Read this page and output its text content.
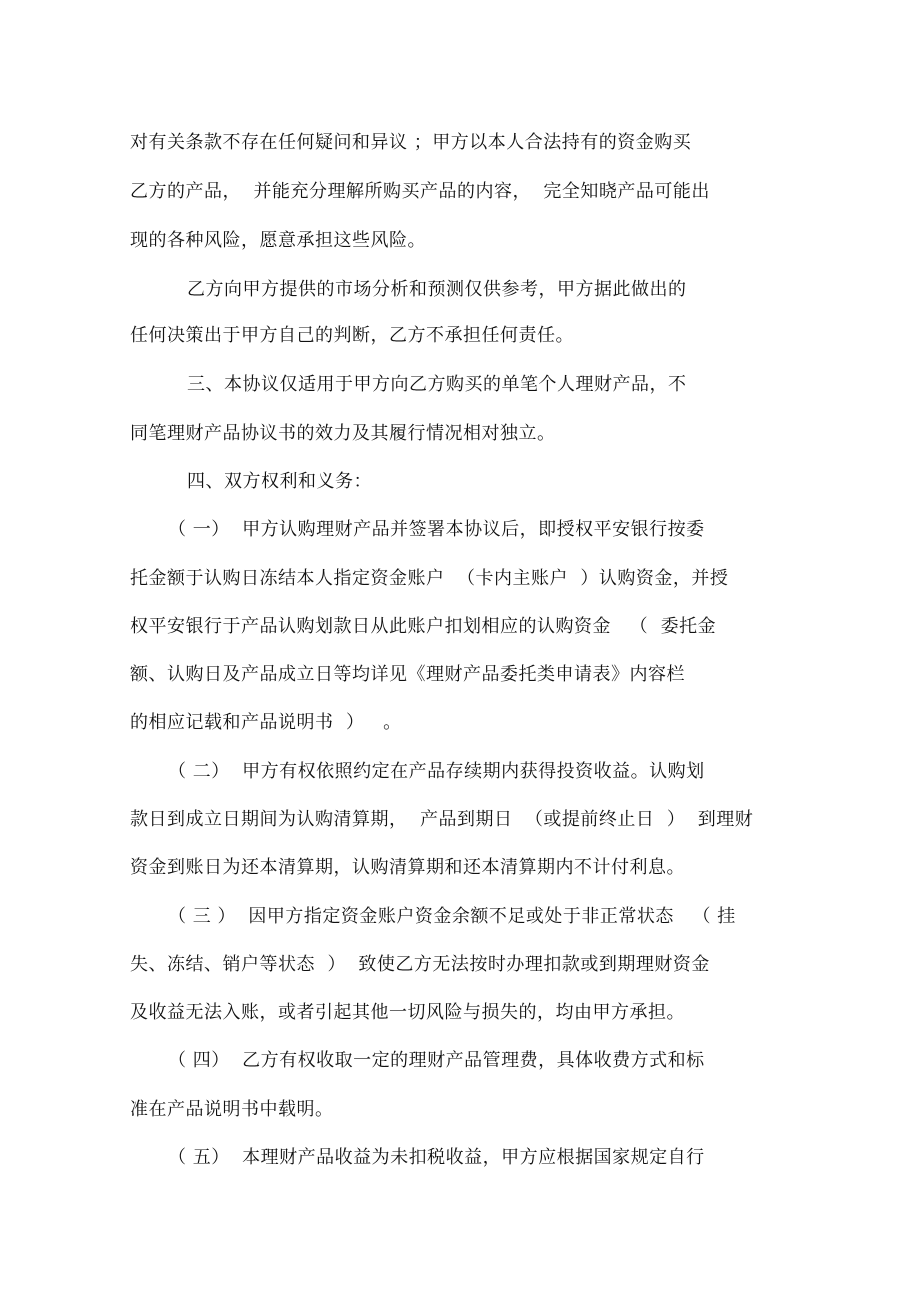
对有关条款不存在任何疑问和异议 ；甲方以本人合法持有的资金购买
乙方的产品，  并能充分理解所购买产品的内容，  完全知晓产品可能出
现的各种风险，愿意承担这些风险。
乙方向甲方提供的市场分析和预测仅供参考，甲方据此做出的
任何决策出于甲方自己的判断，乙方不承担任何责任。
三、本协议仅适用于甲方向乙方购买的单笔个人理财产品，不
同笔理财产品协议书的效力及其履行情况相对独立。
四、双方权利和义务：
（ 一）  甲方认购理财产品并签署本协议后，即授权平安银行按委
托金额于认购日冻结本人指定资金账户  （卡内主账户  ）认购资金，并授
权平安银行于产品认购划款日从此账户扣划相应的认购资金   （  委托金
额、认购日及产品成立日等均详见《理财产品委托类申请表》内容栏
的相应记载和产品说明书  ）   。
（ 二）  甲方有权依照约定在产品存续期内获得投资收益。认购划
款日到成立日期间为认购清算期，  产品到期日  （或提前终止日  ）  到理财
资金到账日为还本清算期，认购清算期和还本清算期内不计付利息。
（ 三 ）  因甲方指定资金账户资金余额不足或处于非正常状态   （ 挂
失、冻结、销户等状态  ）  致使乙方无法按时办理扣款或到期理财资金
及收益无法入账，或者引起其他一切风险与损失的，均由甲方承担。
（ 四）  乙方有权收取一定的理财产品管理费，具体收费方式和标
准在产品说明书中载明。
（ 五）  本理财产品收益为未扣税收益，甲方应根据国家规定自行
